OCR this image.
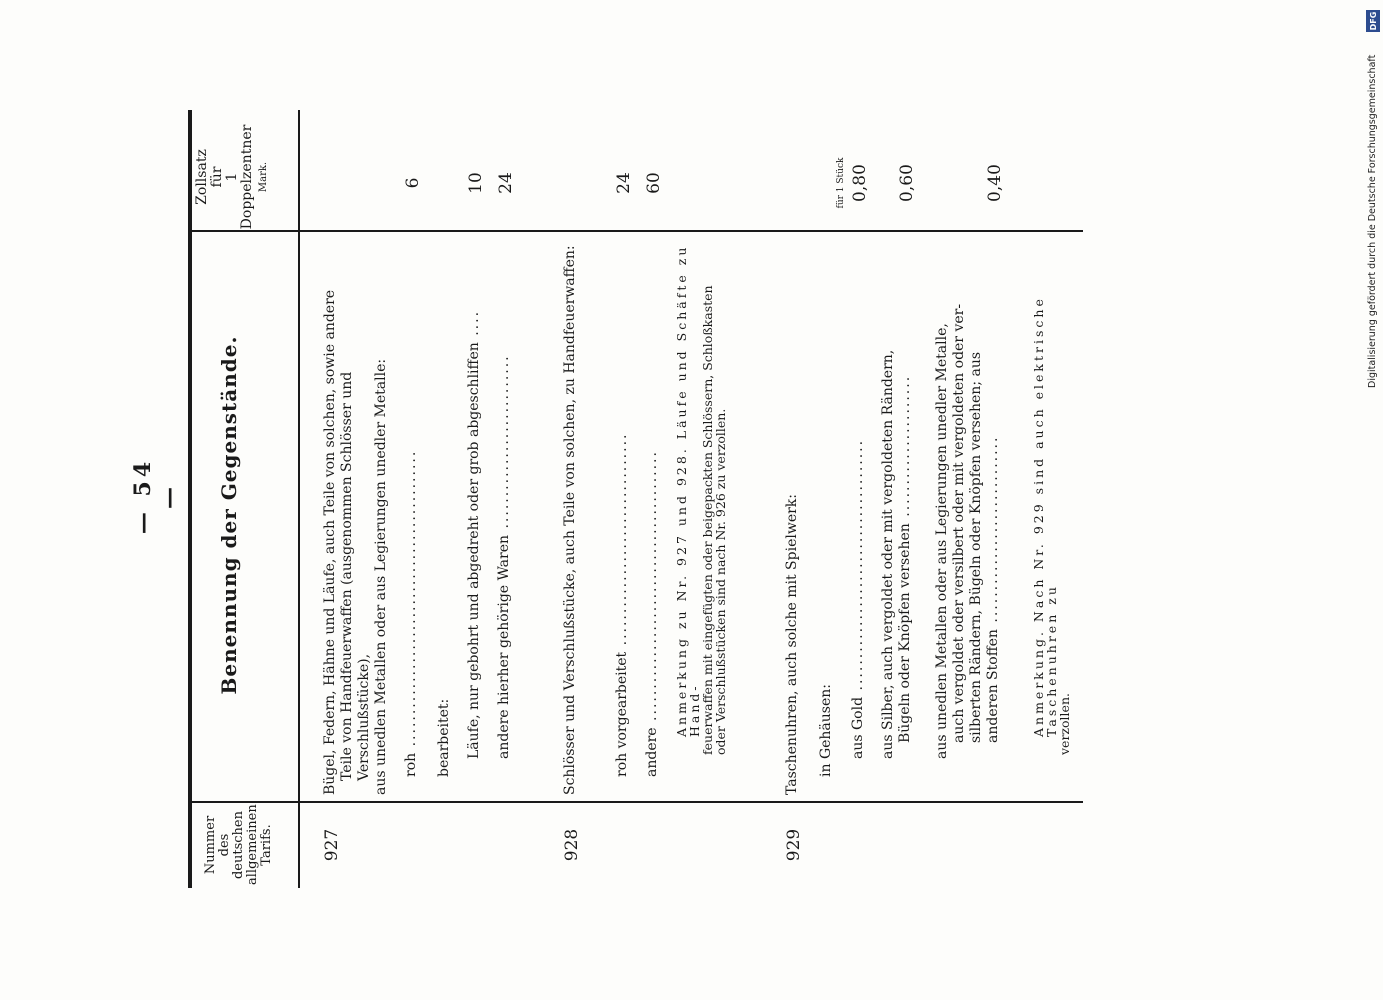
— 54 —
Nummer des deutschen allgemeinen Tarifs.
Benennung der Gegenstände.
Zollsatz für 1 Doppelzentner Mark.
927
Bügel, Federn, Hähne und Läufe, auch Teile von solchen, sowie andere Teile von Handfeuerwaffen (ausgenommen Schlösser und Verschlußstücke), aus unedlen Metallen oder aus Legierungen unedler Metalle: roh ..............................................
6
bearbeitet: Läufe, nur gebohrt und abgedreht oder grob abgeschliffen ....
10
andere hierher gehörige Waren ...........................
24
928
Schlösser und Verschlußstücke, auch Teile von solchen, zu Handfeuerwaffen:	roh vorgearbeitet .................................
24
andere ..........................................
60
Anmerkung zu Nr. 927 und 928. Läufe und Schäfte zu Hand-
feuerwaffen mit eingefügten oder beigepackten Schlössern, Schloßkasten
oder Verschlußstücken sind nach Nr. 926 zu verzollen.
929
Taschenuhren, auch solche mit Spielwerk: in Gehäusen:
für 1 Stück
aus Gold .......................................
0,80
aus Silber, auch vergoldet oder mit vergoldeten Rändern, Bügeln oder Knöpfen versehen ......................
0,60
aus unedlen Metallen oder aus Legierungen unedler Metalle, auch vergoldet oder versilbert oder mit vergoldeten oder ver- silberten Rändern, Bügeln oder Knöpfen versehen; aus anderen Stoffen .............................
0,40
Anmerkung. Nach Nr. 929 sind auch elektrische Taschenuhren zu
verzollen.
Digitalisierung gefördert durch die Deutsche Forschungsgemeinschaft
DFG
